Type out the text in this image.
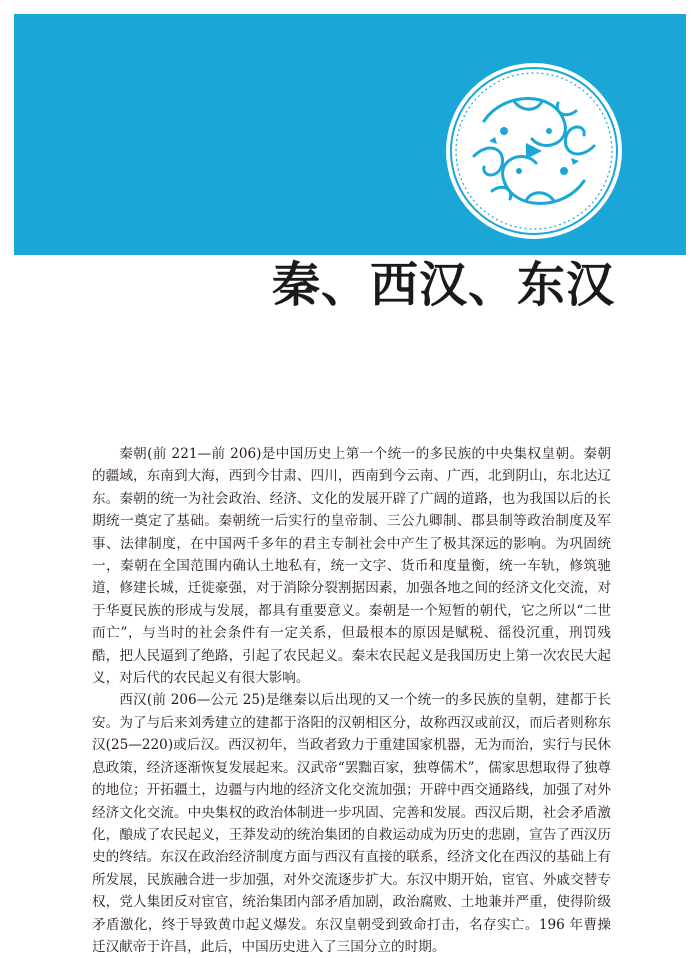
秦、西汉、东汉

秦朝(前 221—前 206)是中国历史上第一个统一的多民族的中央集权皇朝。秦朝的疆域，东南到大海，西到今甘肃、四川，西南到今云南、广西，北到阴山，东北达辽东。秦朝的统一为社会政治、经济、文化的发展开辟了广阔的道路，也为我国以后的长期统一奠定了基础。秦朝统一后实行的皇帝制、三公九卿制、郡县制等政治制度及军事、法律制度，在中国两千多年的君主专制社会中产生了极其深远的影响。为巩固统一，秦朝在全国范围内确认土地私有，统一文字、货币和度量衡，统一车轨，修筑驰道，修建长城，迁徙豪强，对于消除分裂割据因素，加强各地之间的经济文化交流，对于华夏民族的形成与发展，都具有重要意义。秦朝是一个短暂的朝代，它之所以“二世而亡”，与当时的社会条件有一定关系，但最根本的原因是赋税、徭役沉重，刑罚残酷，把人民逼到了绝路，引起了农民起义。秦末农民起义是我国历史上第一次农民大起义，对后代的农民起义有很大影响。

西汉(前 206—公元 25)是继秦以后出现的又一个统一的多民族的皇朝，建都于长安。为了与后来刘秀建立的建都于洛阳的汉朝相区分，故称西汉或前汉，而后者则称东汉(25—220)或后汉。西汉初年，当政者致力于重建国家机器，无为而治，实行与民休息政策，经济逐渐恢复发展起来。汉武帝“罢黜百家，独尊儒术”，儒家思想取得了独尊的地位；开拓疆土，边疆与内地的经济文化交流加强；开辟中西交通路线，加强了对外经济文化交流。中央集权的政治体制进一步巩固、完善和发展。西汉后期，社会矛盾激化，酿成了农民起义，王莽发动的统治集团的自救运动成为历史的悲剧，宣告了西汉历史的终结。东汉在政治经济制度方面与西汉有直接的联系，经济文化在西汉的基础上有所发展，民族融合进一步加强，对外交流逐步扩大。东汉中期开始，宦官、外戚交替专权，党人集团反对宦官，统治集团内部矛盾加剧，政治腐败、土地兼并严重，使得阶级矛盾激化，终于导致黄巾起义爆发。东汉皇朝受到致命打击，名存实亡。196 年曹操迁汉献帝于许昌，此后，中国历史进入了三国分立的时期。
